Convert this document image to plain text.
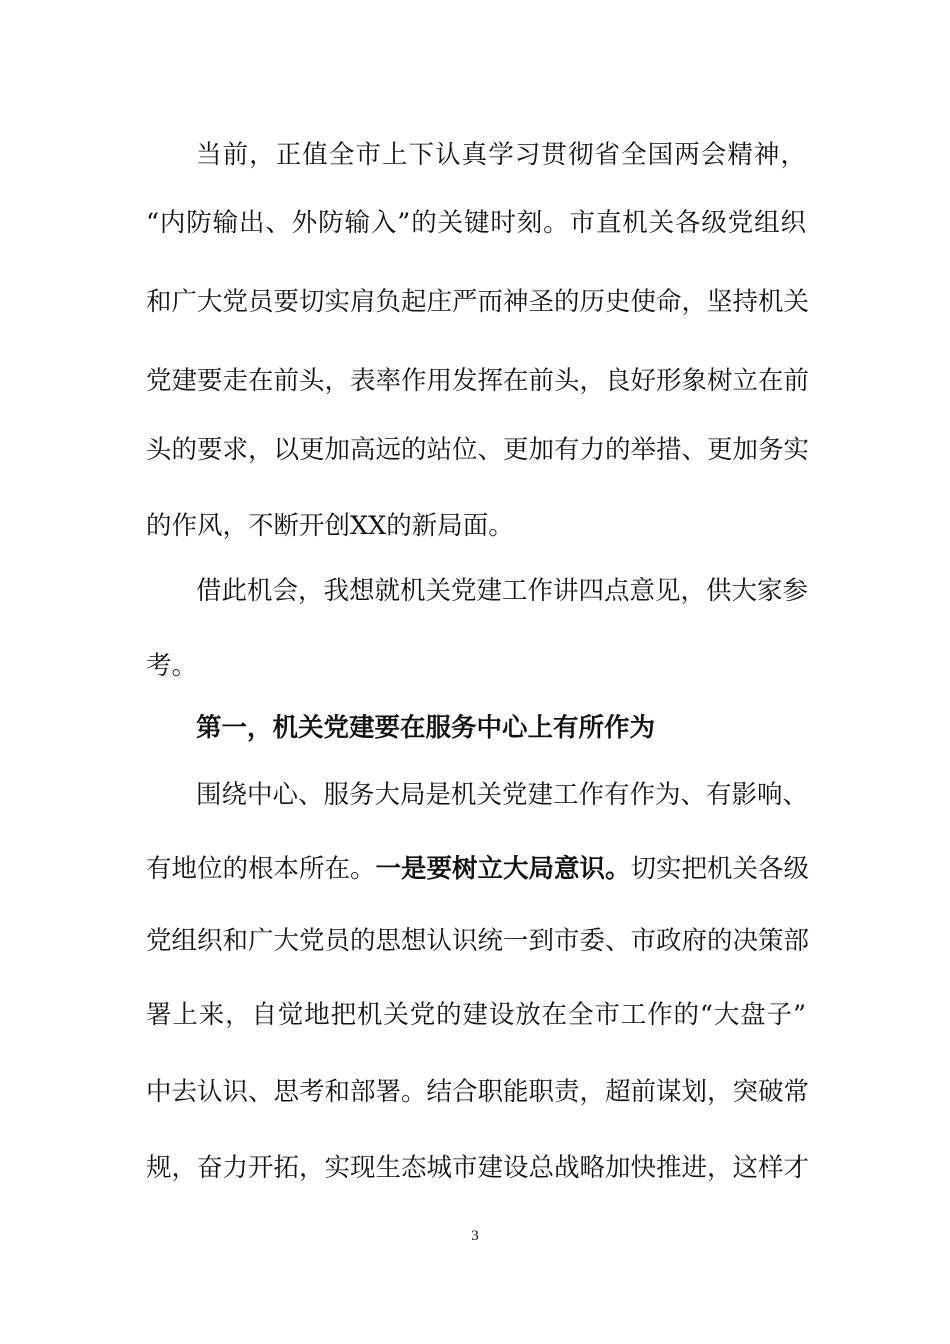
当前，正值全市上下认真学习贯彻省全国两会精神，
“内防输出、外防输入”的关键时刻。市直机关各级党组织
和广大党员要切实肩负起庄严而神圣的历史使命，坚持机关
党建要走在前头，表率作用发挥在前头，良好形象树立在前
头的要求，以更加高远的站位、更加有力的举措、更加务实
的作风，不断开创XX的新局面。
借此机会，我想就机关党建工作讲四点意见，供大家参
考。
第一，机关党建要在服务中心上有所作为
围绕中心、服务大局是机关党建工作有作为、有影响、
有地位的根本所在。一是要树立大局意识。切实把机关各级
党组织和广大党员的思想认识统一到市委、市政府的决策部
署上来，自觉地把机关党的建设放在全市工作的“大盘子”
中去认识、思考和部署。结合职能职责，超前谋划，突破常
规，奋力开拓，实现生态城市建设总战略加快推进，这样才
3
